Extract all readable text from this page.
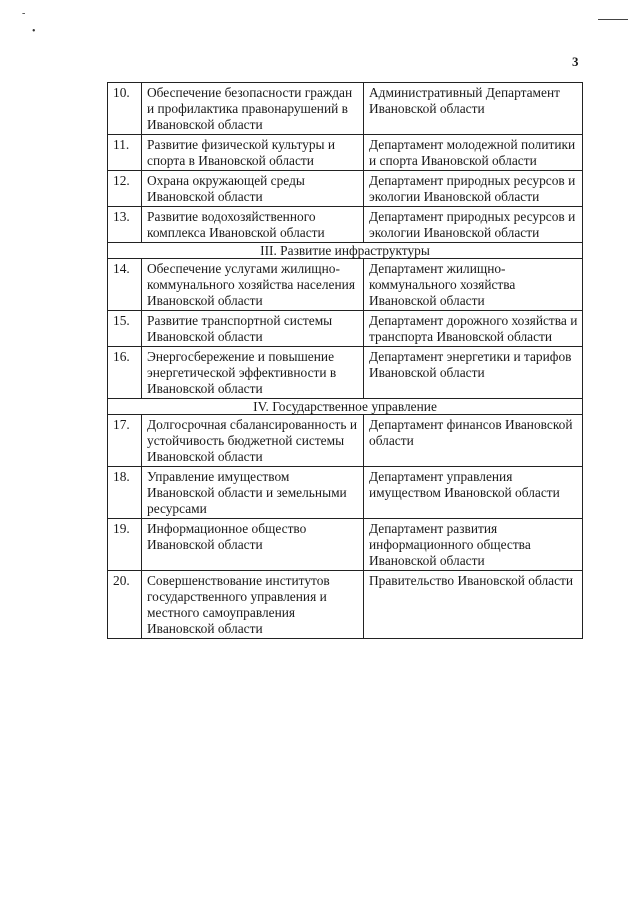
-
•
3
10.	Обеспечение безопасности граждан и профилактика правонарушений в Ивановской области	Административный Департамент Ивановской области
11.	Развитие физической культуры и спорта в Ивановской области	Департамент молодежной политики и спорта Ивановской области
12.	Охрана окружающей среды Ивановской области	Департамент природных ресурсов и экологии Ивановской области
13.	Развитие водохозяйственного комплекса Ивановской области	Департамент природных ресурсов и экологии Ивановской области
III. Развитие инфраструктуры		
14.	Обеспечение услугами жилищно-коммунального хозяйства населения Ивановской области	Департамент жилищно-коммунального хозяйства Ивановской области
15.	Развитие транспортной системы Ивановской области	Департамент дорожного хозяйства и транспорта Ивановской области
16.	Энергосбережение и повышение энергетической эффективности в Ивановской области	Департамент энергетики и тарифов Ивановской области
IV. Государственное управление		
17.	Долгосрочная сбалансированность и устойчивость бюджетной системы Ивановской области	Департамент финансов Ивановской области
18.	Управление имуществом Ивановской области и земельными ресурсами	Департамент управления имуществом Ивановской области
19.	Информационное общество Ивановской области	Департамент развития информационного общества Ивановской области
20.	Совершенствование институтов государственного управления и местного самоуправления Ивановской области	Правительство Ивановской области
